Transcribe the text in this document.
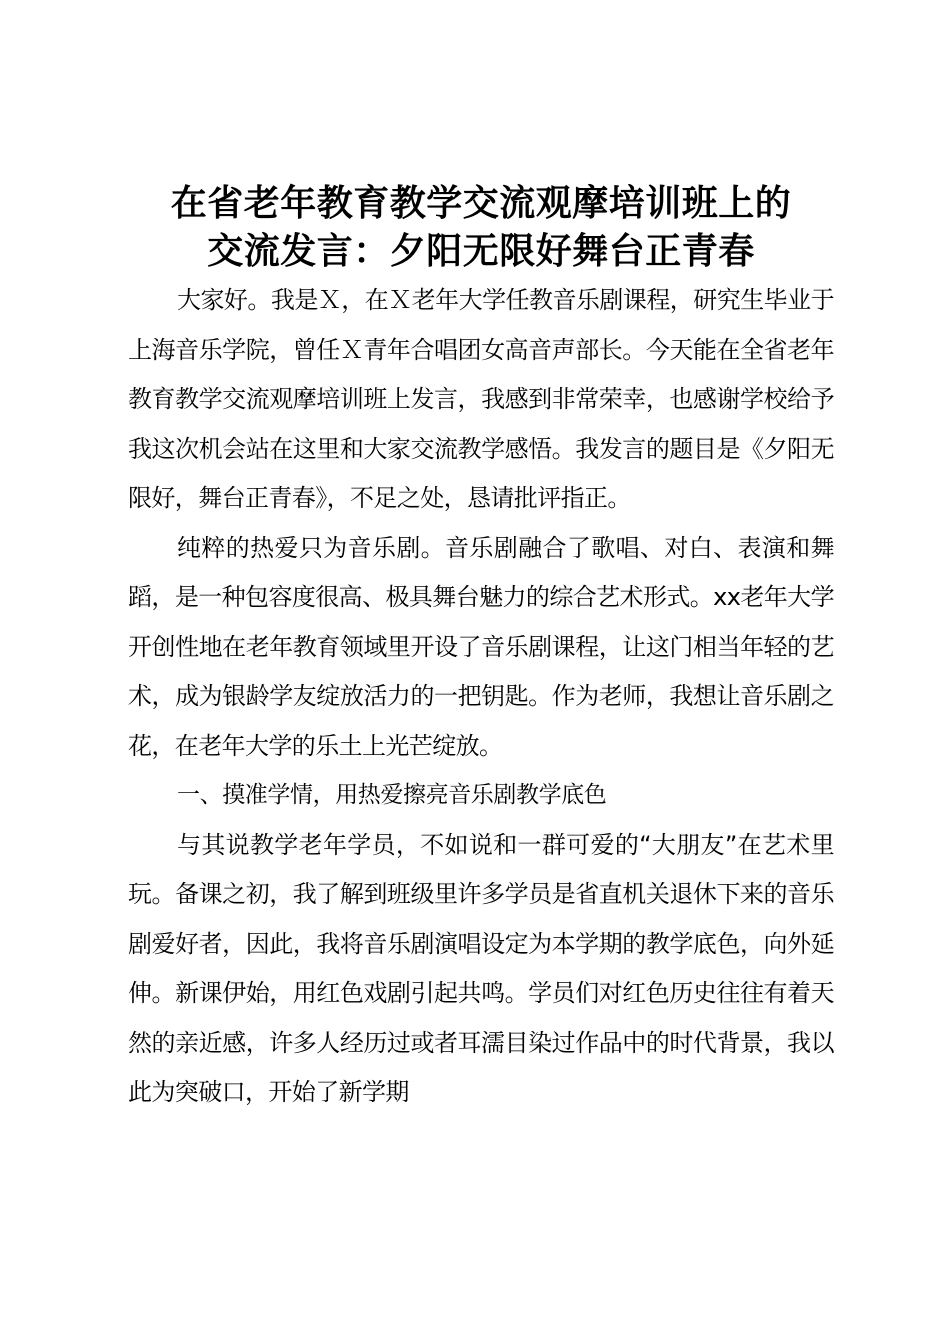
在省老年教育教学交流观摩培训班上的
交流发言：夕阳无限好舞台正青春

大家好。我是Ｘ，在Ｘ老年大学任教音乐剧课程，研究生毕业于上海音乐学院，曾任Ｘ青年合唱团女高音声部长。今天能在全省老年教育教学交流观摩培训班上发言，我感到非常荣幸，也感谢学校给予我这次机会站在这里和大家交流教学感悟。我发言的题目是《夕阳无限好，舞台正青春》，不足之处，恳请批评指正。

纯粹的热爱只为音乐剧。音乐剧融合了歌唱、对白、表演和舞蹈，是一种包容度很高、极具舞台魅力的综合艺术形式。xx老年大学开创性地在老年教育领域里开设了音乐剧课程，让这门相当年轻的艺术，成为银龄学友绽放活力的一把钥匙。作为老师，我想让音乐剧之花，在老年大学的乐土上光芒绽放。

一、摸准学情，用热爱擦亮音乐剧教学底色

与其说教学老年学员，不如说和一群可爱的“大朋友”在艺术里玩。备课之初，我了解到班级里许多学员是省直机关退休下来的音乐剧爱好者，因此，我将音乐剧演唱设定为本学期的教学底色，向外延伸。新课伊始，用红色戏剧引起共鸣。学员们对红色历史往往有着天然的亲近感，许多人经历过或者耳濡目染过作品中的时代背景，我以此为突破口，开始了新学期
